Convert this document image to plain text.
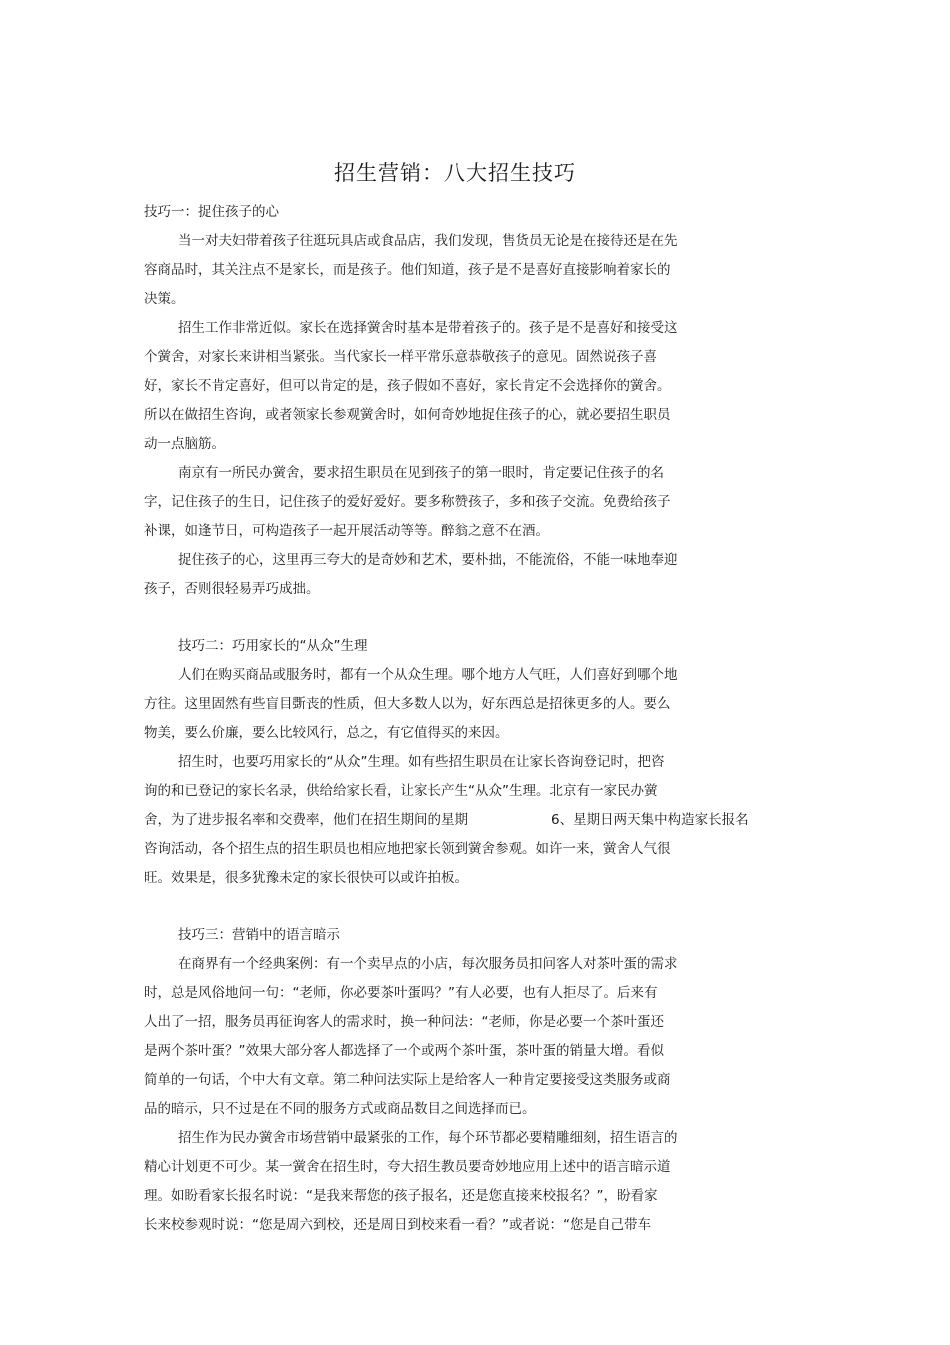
招生营销：八大招生技巧
技巧一：捉住孩子的心
当一对夫妇带着孩子往逛玩具店或食品店，我们发现，售货员无论是在接待还是在先
容商品时，其关注点不是家长，而是孩子。他们知道，孩子是不是喜好直接影响着家长的
决策。
招生工作非常近似。家长在选择黉舍时基本是带着孩子的。孩子是不是喜好和接受这
个黉舍，对家长来讲相当紧张。当代家长一样平常乐意恭敬孩子的意见。固然说孩子喜
好，家长不肯定喜好，但可以肯定的是，孩子假如不喜好，家长肯定不会选择你的黉舍。
所以在做招生咨询，或者领家长参观黉舍时，如何奇妙地捉住孩子的心，就必要招生职员
动一点脑筋。
南京有一所民办黉舍，要求招生职员在见到孩子的第一眼时，肯定要记住孩子的名
字，记住孩子的生日，记住孩子的爱好爱好。要多称赞孩子，多和孩子交流。免费给孩子
补课，如逢节日，可构造孩子一起开展活动等等。醉翁之意不在酒。
捉住孩子的心，这里再三夸大的是奇妙和艺术，要朴拙，不能流俗，不能一味地奉迎
孩子，否则很轻易弄巧成拙。
技巧二：巧用家长的“从众”生理
人们在购买商品或服务时，都有一个从众生理。哪个地方人气旺，人们喜好到哪个地
方往。这里固然有些盲目斲丧的性质，但大多数人以为，好东西总是招徕更多的人。要么
物美，要么价廉，要么比较风行，总之，有它值得买的来因。
招生时，也要巧用家长的“从众”生理。如有些招生职员在让家长咨询登记时，把咨
询的和已登记的家长名录，供给给家长看，让家长产生“从众”生理。北京有一家民办黉
舍，为了进步报名率和交费率，他们在招生期间的星期	6、星期日两天集中构造家长报名
咨询活动，各个招生点的招生职员也相应地把家长领到黉舍参观。如许一来，黉舍人气很
旺。效果是，很多犹豫未定的家长很快可以或许拍板。
技巧三：营销中的语言暗示
在商界有一个经典案例：有一个卖早点的小店，每次服务员扣问客人对茶叶蛋的需求
时，总是风俗地问一句：“老师，你必要茶叶蛋吗？”有人必要，也有人拒尽了。后来有
人出了一招，服务员再征询客人的需求时，换一种问法：“老师，你是必要一个茶叶蛋还
是两个茶叶蛋？”效果大部分客人都选择了一个或两个茶叶蛋，茶叶蛋的销量大增。看似
简单的一句话，个中大有文章。第二种问法实际上是给客人一种肯定要接受这类服务或商
品的暗示，只不过是在不同的服务方式或商品数目之间选择而已。
招生作为民办黉舍市场营销中最紧张的工作，每个环节都必要精雕细刻，招生语言的
精心计划更不可少。某一黉舍在招生时，夸大招生教员要奇妙地应用上述中的语言暗示道
理。如盼看家长报名时说：“是我来帮您的孩子报名，还是您直接来校报名？”，盼看家
长来校参观时说：“您是周六到校，还是周日到校来看一看？”或者说：“您是自己带车
